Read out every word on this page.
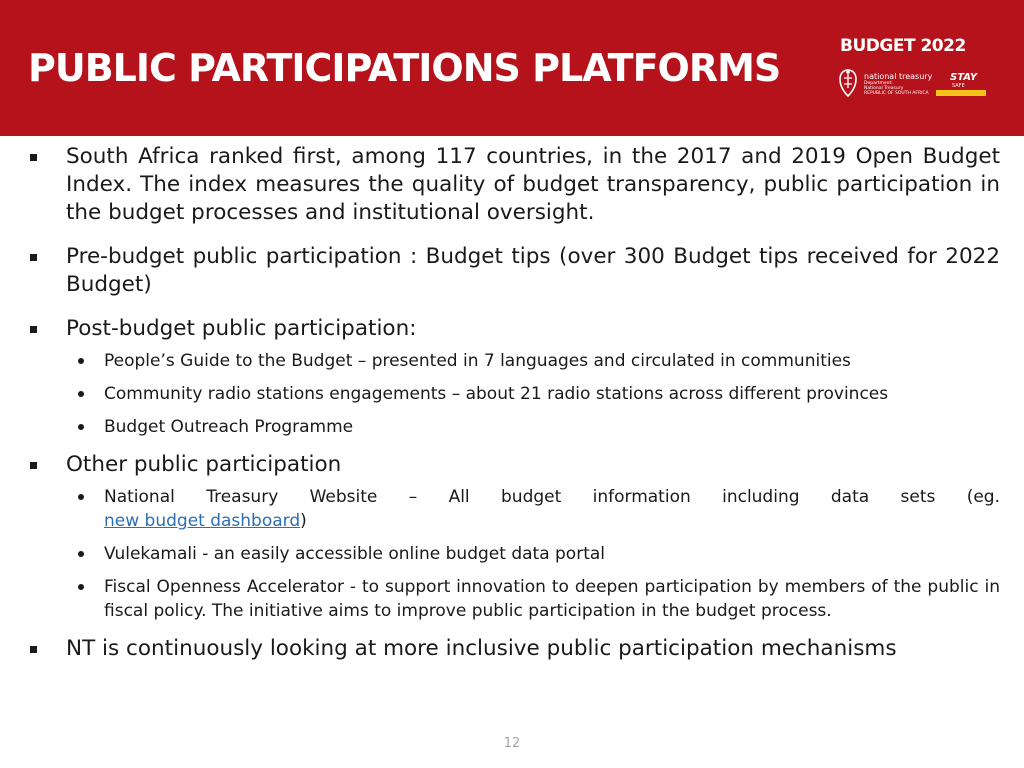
PUBLIC PARTICIPATIONS PLATFORMS	BUDGET 2022
national treasury
Department:
National Treasury
REPUBLIC OF SOUTH AFRICA
STAY
SAFE
South Africa ranked first, among 117 countries, in the 2017 and 2019 Open Budget Index. The index measures the quality of budget transparency, public participation in the budget processes and institutional oversight.
Pre-budget public participation : Budget tips (over 300 Budget tips received for 2022 Budget)
Post-budget public participation:
People’s Guide to the Budget – presented in 7 languages and circulated in communities
Community radio stations engagements – about 21 radio stations across different provinces
Budget Outreach Programme
Other public participation
National Treasury Website – All budget information including data sets (eg.
new budget dashboard)
Vulekamali - an easily accessible online budget data portal
Fiscal Openness Accelerator - to support innovation to deepen participation by members of the public in fiscal policy. The initiative aims to improve public participation in the budget process.
NT is continuously looking at more inclusive public participation mechanisms
12
